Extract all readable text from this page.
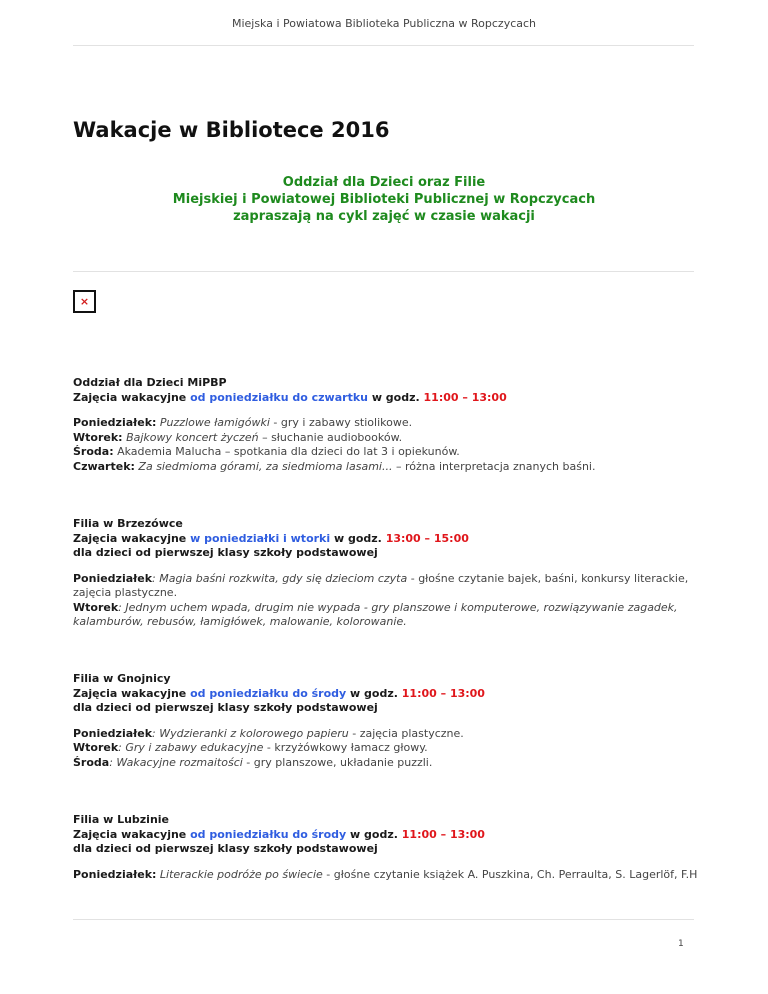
Miejska i Powiatowa Biblioteka Publiczna w Ropczycach
Wakacje w Bibliotece 2016
Oddział dla Dzieci oraz Filie
Miejskiej i Powiatowej Biblioteki Publicznej w Ropczycach
zapraszają na cykl zajęć w czasie wakacji
×

Oddział dla Dzieci MiPBP

Zajęcia wakacyjne od poniedziałku do czwartku w godz. 11:00 – 13:00

Poniedziałek: Puzzlowe łamigówki - gry i zabawy stiolikowe.

Wtorek: Bajkowy koncert życzeń – słuchanie audiobooków.

Środa: Akademia Malucha – spotkania dla dzieci do lat 3 i opiekunów.

Czwartek: Za siedmioma górami, za siedmioma lasami... – różna interpretacja znanych baśni.

Filia w Brzezówce

Zajęcia wakacyjne w poniedziałki i wtorki w godz. 13:00 – 15:00

dla dzieci od pierwszej klasy szkoły podstawowej

Poniedziałek: Magia baśni rozkwita, gdy się dzieciom czyta - głośne czytanie bajek, baśni, konkursy literackie, zajęcia plastyczne.

Wtorek: Jednym uchem wpada, drugim nie wypada - gry planszowe i komputerowe, rozwiązywanie zagadek, kalamburów, rebusów, łamigłówek, malowanie, kolorowanie.

Filia w Gnojnicy

Zajęcia wakacyjne od poniedziałku do środy w godz. 11:00 – 13:00

dla dzieci od pierwszej klasy szkoły podstawowej

Poniedziałek: Wydzieranki z kolorowego papieru - zajęcia plastyczne.

Wtorek: Gry i zabawy edukacyjne - krzyżówkowy łamacz głowy.

Środa: Wakacyjne rozmaitości - gry planszowe, układanie puzzli.

Filia w Lubzinie

Zajęcia wakacyjne od poniedziałku do środy w godz. 11:00 – 13:00

dla dzieci od pierwszej klasy szkoły podstawowej

Poniedziałek: Literackie podróże po świecie - głośne czytanie książek A. Puszkina, Ch. Perraulta, S. Lagerlöf, F.H

1
